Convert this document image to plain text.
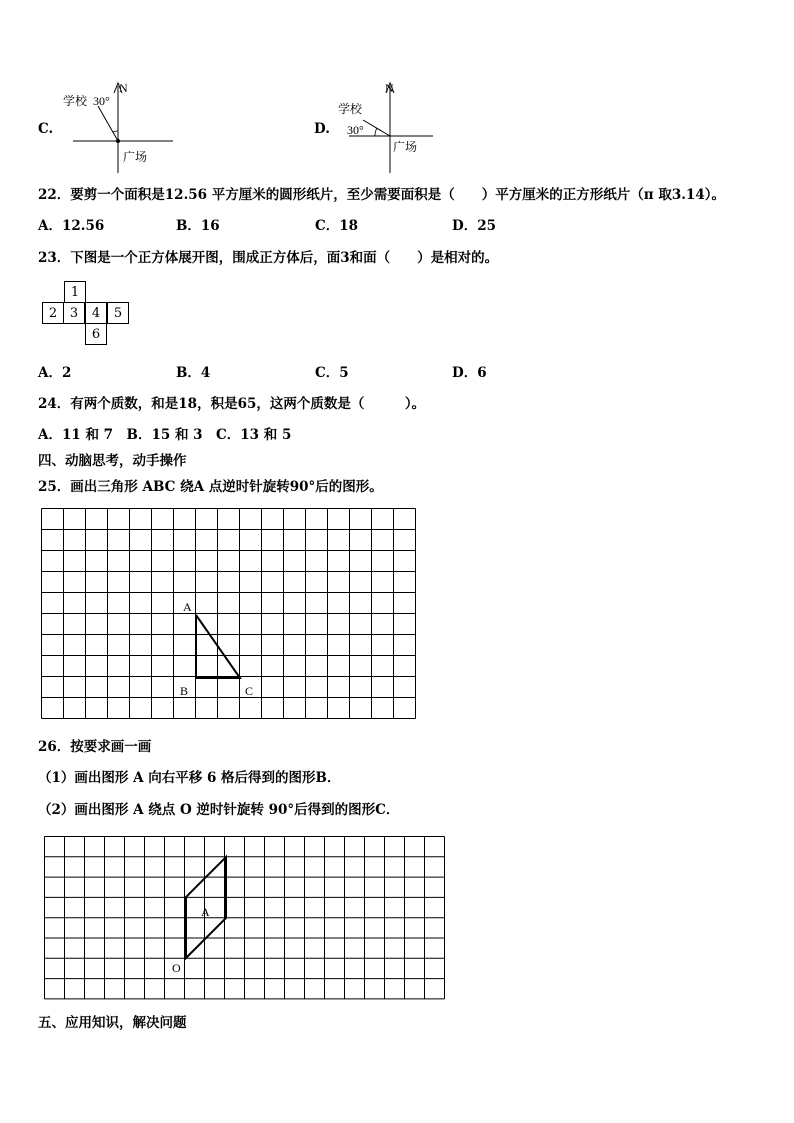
C.
N
学校 30°
广场
D.
N
学校
30°
广场
22．要剪一个面积是12.56 平方厘米的圆形纸片，至少需要面积是（　　）平方厘米的正方形纸片（π 取3.14）。
A．12.56	B．16	C．18	D．25
23．下图是一个正方体展开图，围成正方体后，面3和面（　　）是相对的。
1
2 3	4	5
6
A．2	B．4	C．5	D．6
24．有两个质数，和是18，积是65，这两个质数是（　　　）。
A．11 和 7　B．15 和 3　C．13 和 5
四、动脑思考，动手操作
25．画出三角形 ABC 绕A 点逆时针旋转90°后的图形。
A
B	C
26．按要求画一画
（1）画出图形 A 向右平移 6 格后得到的图形B．
（2）画出图形 A 绕点 O 逆时针旋转 90°后得到的图形C．
A
O
五、应用知识，解决问题
